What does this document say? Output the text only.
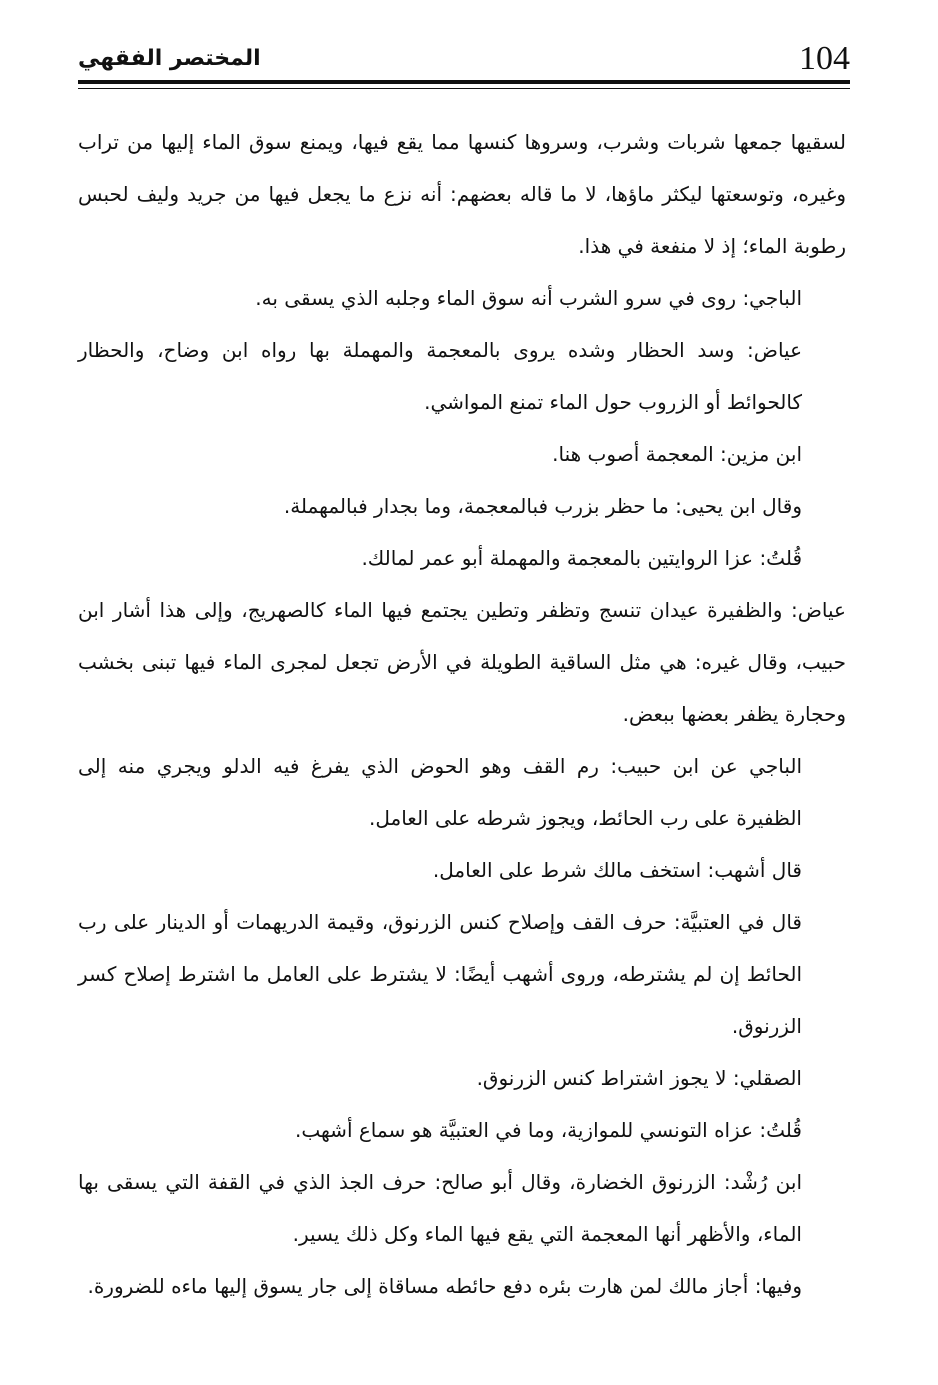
104
المختصر الفقهي

لسقيها جمعها شربات وشرب، وسروها كنسها مما يقع فيها، ويمنع سوق الماء إليها من تراب وغيره، وتوسعتها ليكثر ماؤها، لا ما قاله بعضهم: أنه نزع ما يجعل فيها من جريد وليف لحبس رطوبة الماء؛ إذ لا منفعة في هذا.

الباجي: روى في سرو الشرب أنه سوق الماء وجلبه الذي يسقى به.

عياض: وسد الحظار وشده يروى بالمعجمة والمهملة بها رواه ابن وضاح، والحظار كالحوائط أو الزروب حول الماء تمنع المواشي.

ابن مزين: المعجمة أصوب هنا.

وقال ابن يحيى: ما حظر بزرب فبالمعجمة، وما بجدار فبالمهملة.

قُلتُ: عزا الروايتين بالمعجمة والمهملة أبو عمر لمالك.

عياض: والظفيرة عيدان تنسج وتظفر وتطين يجتمع فيها الماء كالصهريج، وإلى هذا أشار ابن حبيب، وقال غيره: هي مثل الساقية الطويلة في الأرض تجعل لمجرى الماء فيها تبنى بخشب وحجارة يظفر بعضها ببعض.

الباجي عن ابن حبيب: رم القف وهو الحوض الذي يفرغ فيه الدلو ويجري منه إلى الظفيرة على رب الحائط، ويجوز شرطه على العامل.

قال أشهب: استخف مالك شرط على العامل.

قال في العتبيَّة: حرف القف وإصلاح كنس الزرنوق، وقيمة الدريهمات أو الدينار على رب الحائط إن لم يشترطه، وروى أشهب أيضًا: لا يشترط على العامل ما اشترط إصلاح كسر الزرنوق.

الصقلي: لا يجوز اشتراط كنس الزرنوق.

قُلتُ: عزاه التونسي للموازية، وما في العتبيَّة هو سماع أشهب.

ابن رُشْد: الزرنوق الخضارة، وقال أبو صالح: حرف الجذ الذي في القفة التي يسقى بها الماء، والأظهر أنها المعجمة التي يقع فيها الماء وكل ذلك يسير.

وفيها: أجاز مالك لمن هارت بئره دفع حائطه مساقاة إلى جار يسوق إليها ماءه للضرورة.
